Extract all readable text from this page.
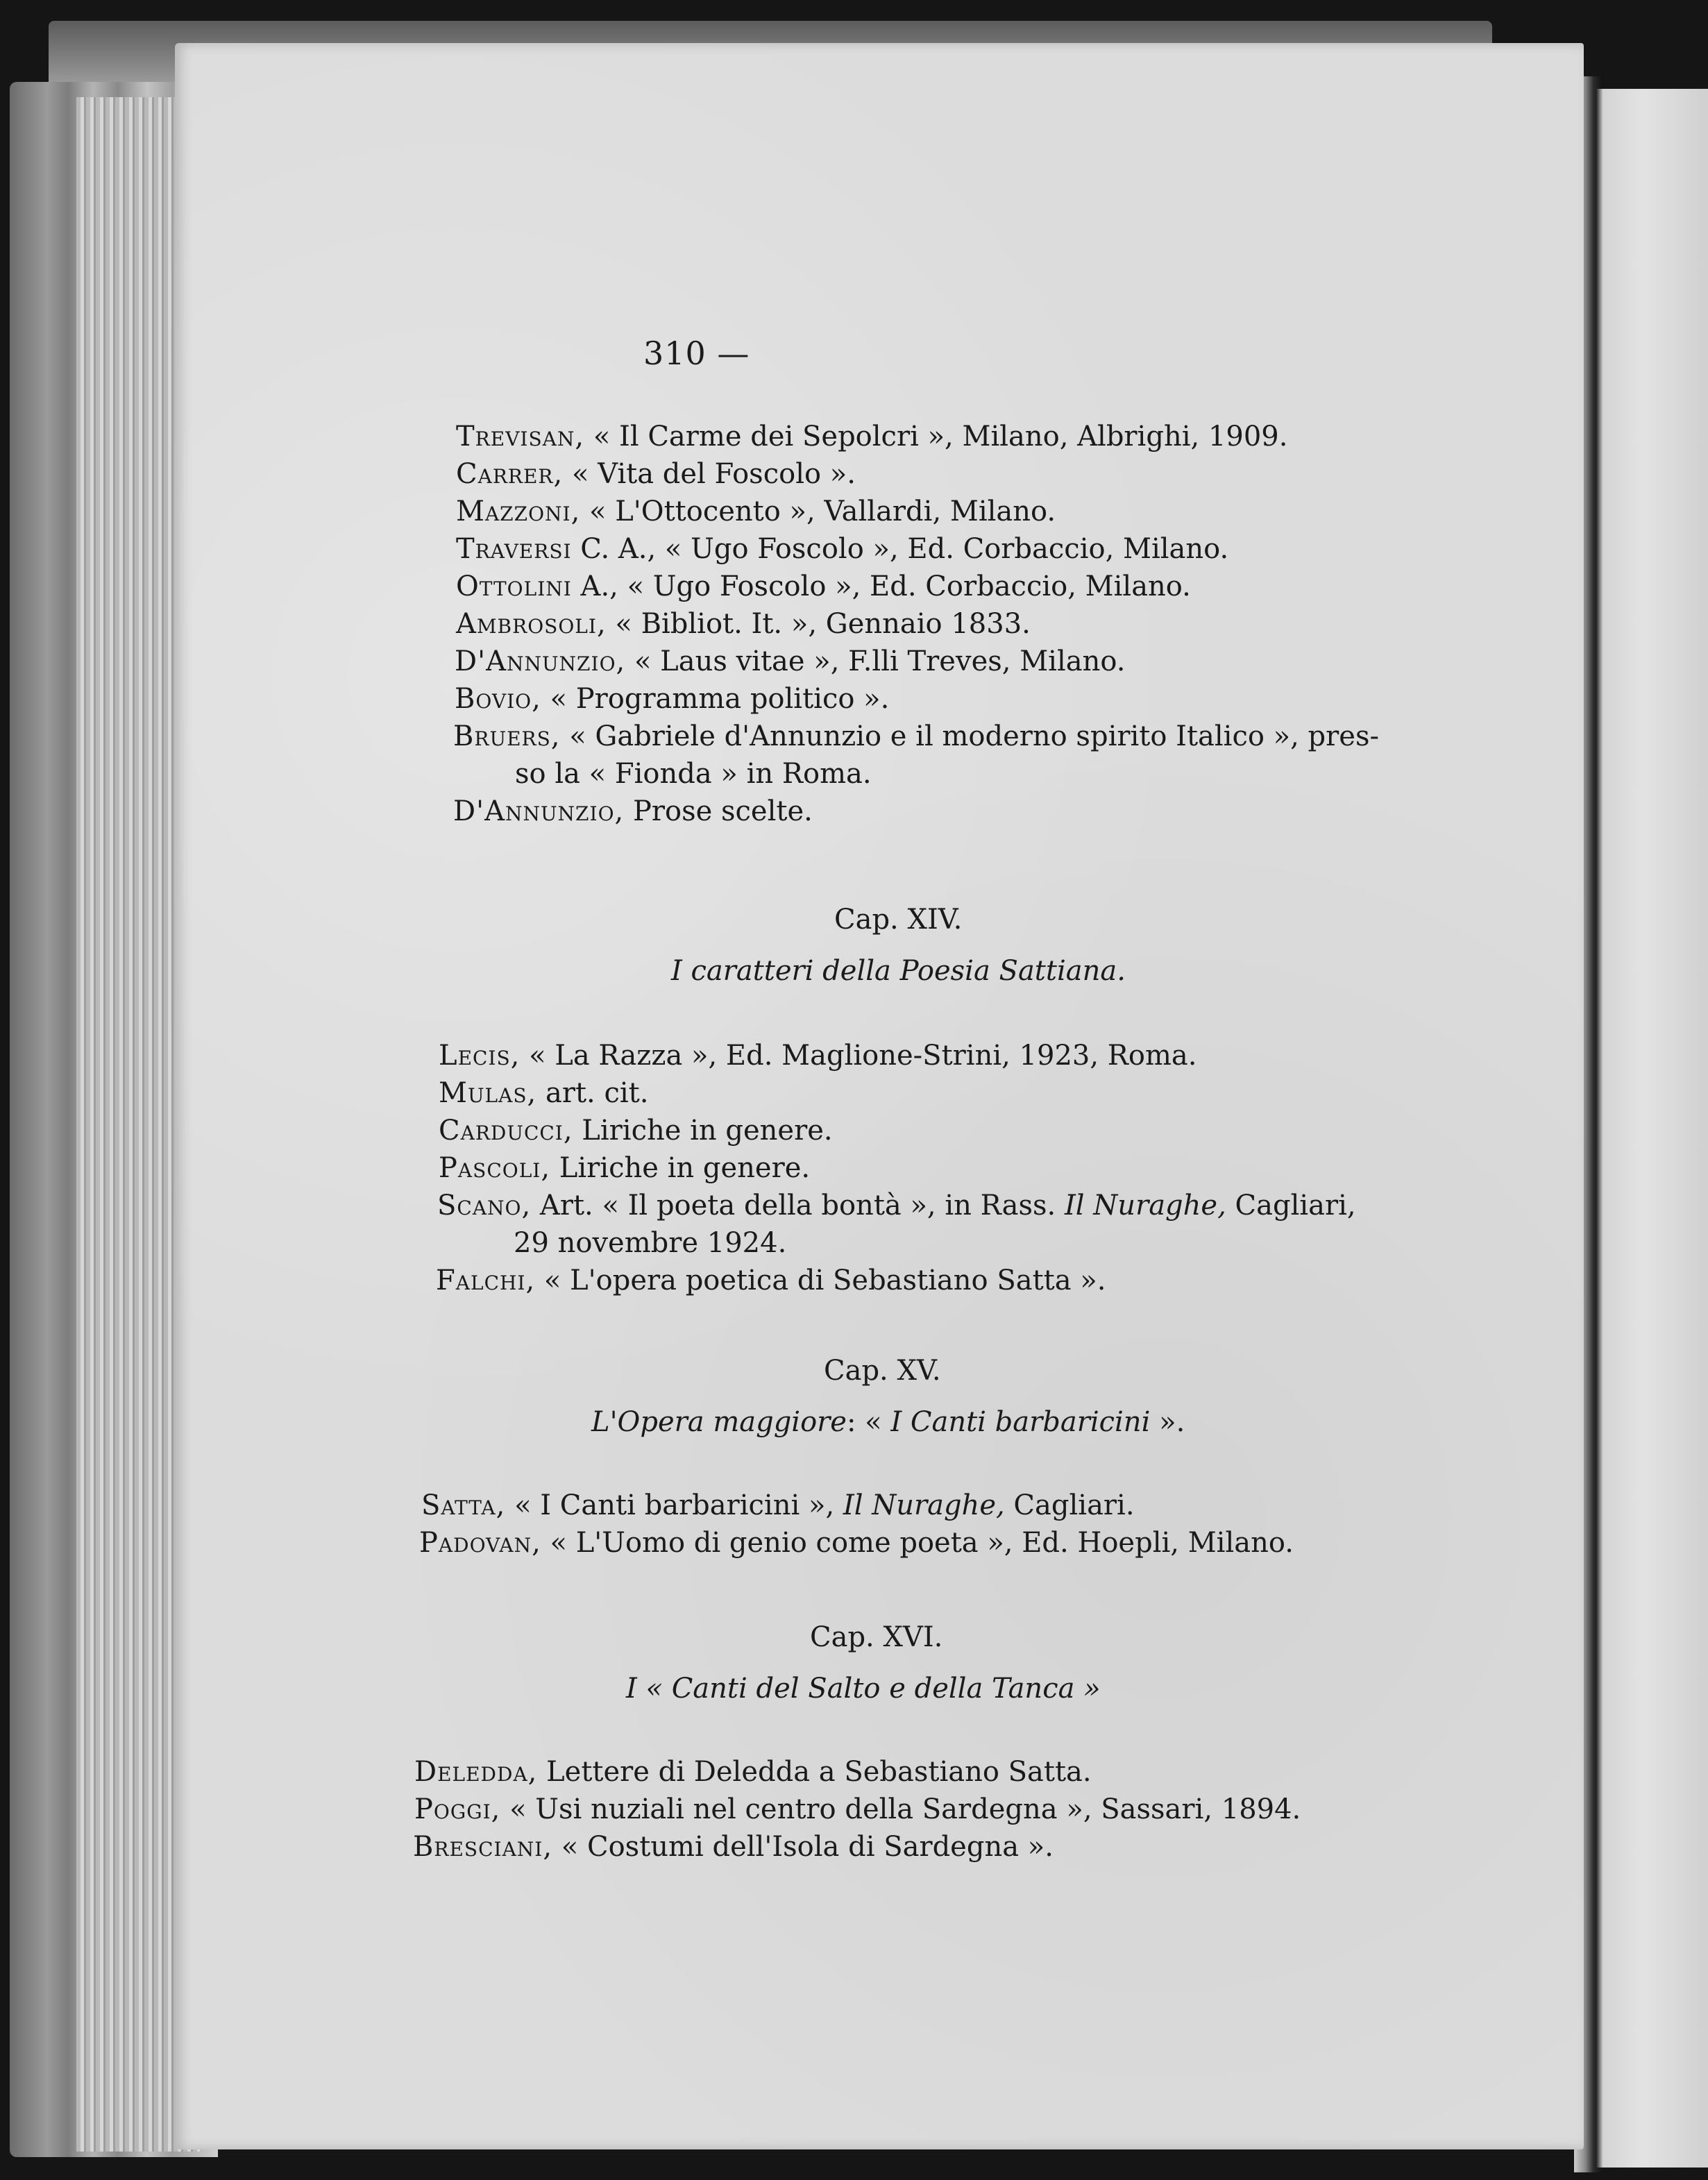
310 —
Trevisan, « Il Carme dei Sepolcri », Milano, Albrighi, 1909.
Carrer, « Vita del Foscolo ».
Mazzoni, « L'Ottocento », Vallardi, Milano.
Traversi C. A., « Ugo Foscolo », Ed. Corbaccio, Milano.
Ottolini A., « Ugo Foscolo », Ed. Corbaccio, Milano.
Ambrosoli, « Bibliot. It. », Gennaio 1833.
D'Annunzio, « Laus vitae », F.lli Treves, Milano.
Bovio, « Programma politico ».
Bruers, « Gabriele d'Annunzio e il moderno spirito Italico », pres-
so la « Fionda » in Roma.
D'Annunzio, Prose scelte.
Cap. XIV.
I caratteri della Poesia Sattiana.
Lecis, « La Razza », Ed. Maglione-Strini, 1923, Roma.
Mulas, art. cit.
Carducci, Liriche in genere.
Pascoli, Liriche in genere.
Scano, Art. « Il poeta della bontà », in Rass. Il Nuraghe, Cagliari,
29 novembre 1924.
Falchi, « L'opera poetica di Sebastiano Satta ».
Cap. XV.
L'Opera maggiore: « I Canti barbaricini ».
Satta, « I Canti barbaricini », Il Nuraghe, Cagliari.
Padovan, « L'Uomo di genio come poeta », Ed. Hoepli, Milano.
Cap. XVI.
I « Canti del Salto e della Tanca »
Deledda, Lettere di Deledda a Sebastiano Satta.
Poggi, « Usi nuziali nel centro della Sardegna », Sassari, 1894.
Bresciani, « Costumi dell'Isola di Sardegna ».
